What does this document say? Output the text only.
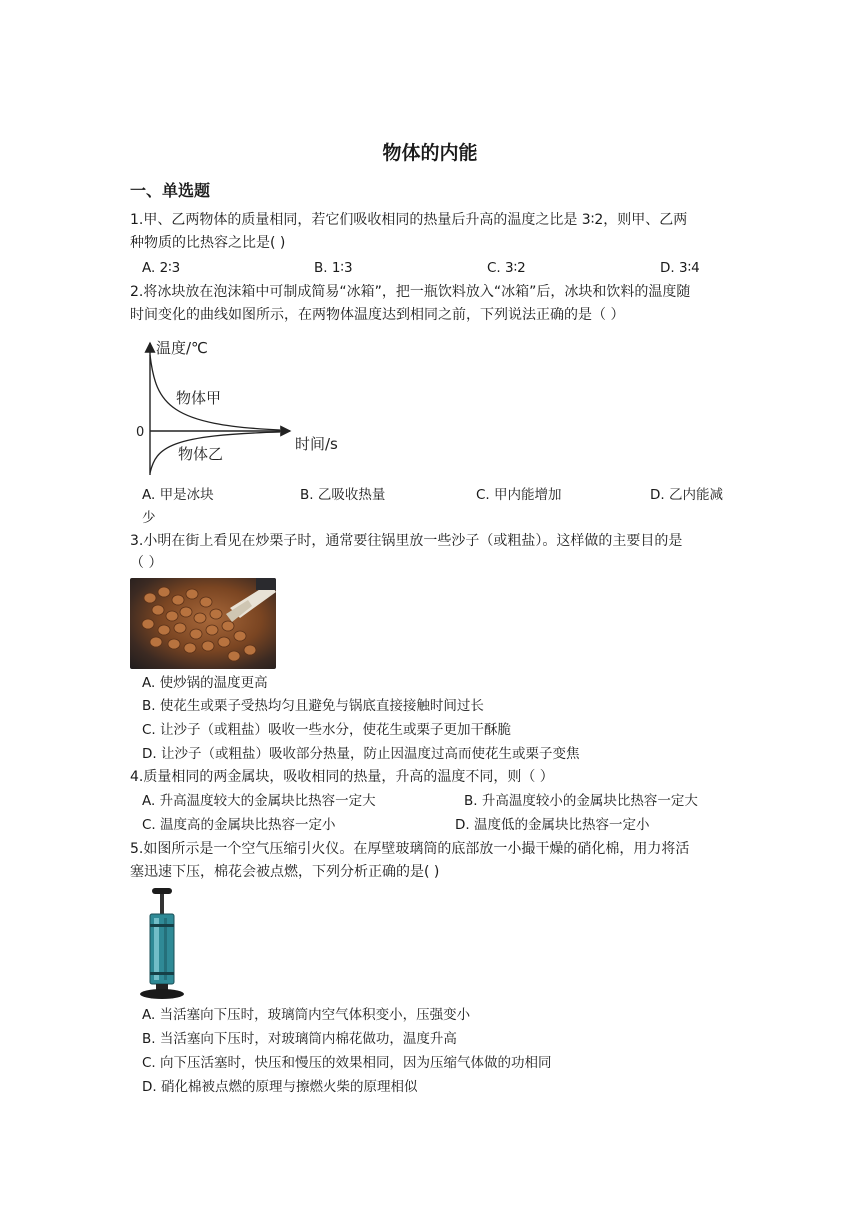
物体的内能
一、单选题
1.甲、乙两物体的质量相同，若它们吸收相同的热量后升高的温度之比是 3∶2，则甲、乙两
种物质的比热容之比是( )
A. 2∶3	B. 1∶3	C. 3∶2	D. 3∶4
2.将冰块放在泡沫箱中可制成简易“冰箱”，把一瓶饮料放入“冰箱”后，冰块和饮料的温度随
时间变化的曲线如图所示，在两物体温度达到相同之前，下列说法正确的是（ ）
温度/℃
时间/s
0
物体甲
物体乙
A. 甲是冰块	B. 乙吸收热量	C. 甲内能增加	D. 乙内能减
少
3.小明在街上看见在炒栗子时，通常要往锅里放一些沙子（或粗盐）。这样做的主要目的是
（ ）
A. 使炒锅的温度更高
B. 使花生或栗子受热均匀且避免与锅底直接接触时间过长
C. 让沙子（或粗盐）吸收一些水分，使花生或栗子更加干酥脆
D. 让沙子（或粗盐）吸收部分热量，防止因温度过高而使花生或栗子变焦
4.质量相同的两金属块，吸收相同的热量，升高的温度不同，则（ ）
A. 升高温度较大的金属块比热容一定大	B. 升高温度较小的金属块比热容一定大
C. 温度高的金属块比热容一定小	D. 温度低的金属块比热容一定小
5.如图所示是一个空气压缩引火仪。在厚壁玻璃筒的底部放一小撮干燥的硝化棉，用力将活
塞迅速下压，棉花会被点燃，下列分析正确的是( )
A. 当活塞向下压时，玻璃筒内空气体积变小，压强变小
B. 当活塞向下压时，对玻璃筒内棉花做功，温度升高
C. 向下压活塞时，快压和慢压的效果相同，因为压缩气体做的功相同
D. 硝化棉被点燃的原理与擦燃火柴的原理相似
